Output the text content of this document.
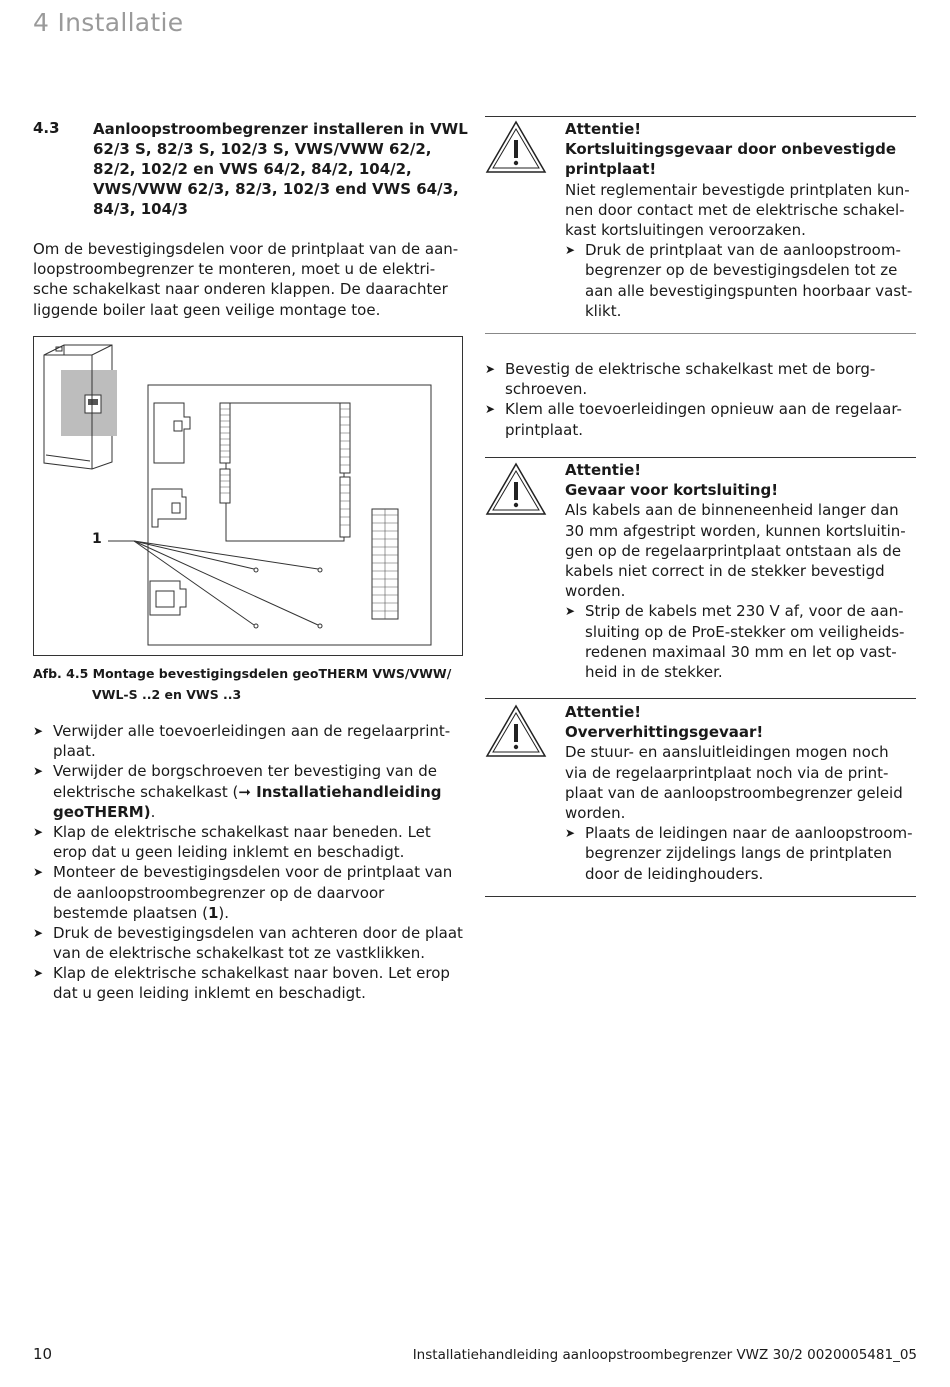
4 Installatie
4.3 Aanloopstroombegrenzer installeren in VWL
62/3 S, 82/3 S, 102/3 S, VWS/VWW 62/2,
82/2, 102/2 en VWS 64/2, 84/2, 104/2,
VWS/VWW 62/3, 82/3, 102/3 end VWS 64/3,
84/3, 104/3
Om de bevestigingsdelen voor de printplaat van de aan-
loopstroombegrenzer te monteren, moet u de elektri-
sche schakelkast naar onderen klappen. De daarachter
liggende boiler laat geen veilige montage toe.
1
Afb. 4.5 Montage bevestigingsdelen geoTHERM VWS/VWW/
VWL-S ..2 en VWS ..3
➤ Verwijder alle toevoerleidingen aan de regelaarprint-
plaat.
➤ Verwijder de borgschroeven ter bevestiging van de
elektrische schakelkast (➞ Installatiehandleiding
geoTHERM).
➤ Klap de elektrische schakelkast naar beneden. Let
erop dat u geen leiding inklemt en beschadigt.
➤ Monteer de bevestigingsdelen voor de printplaat van
de aanloopstroombegrenzer op de daarvoor
bestemde plaatsen (1).
➤ Druk de bevestigingsdelen van achteren door de plaat
van de elektrische schakelkast tot ze vastklikken.
➤ Klap de elektrische schakelkast naar boven. Let erop
dat u geen leiding inklemt en beschadigt.
Attentie!
Kortsluitingsgevaar door onbevestigde
printplaat!
Niet reglementair bevestigde printplaten kun-
nen door contact met de elektrische schakel-
kast kortsluitingen veroorzaken.
➤ Druk de printplaat van de aanloopstroom-
begrenzer op de bevestigingsdelen tot ze
aan alle bevestigingspunten hoorbaar vast-
klikt.
➤ Bevestig de elektrische schakelkast met de borg-
schroeven.
➤ Klem alle toevoerleidingen opnieuw aan de regelaar-
printplaat.
Attentie!
Gevaar voor kortsluiting!
Als kabels aan de binneneenheid langer dan
30 mm afgestript worden, kunnen kortsluitin-
gen op de regelaarprintplaat ontstaan als de
kabels niet correct in de stekker bevestigd
worden.
➤ Strip de kabels met 230 V af, voor de aan-
sluiting op de ProE-stekker om veiligheids-
redenen maximaal 30 mm en let op vast-
heid in de stekker.
Attentie!
Oververhittingsgevaar!
De stuur- en aansluitleidingen mogen noch
via de regelaarprintplaat noch via de print-
plaat van de aanloopstroombegrenzer geleid
worden.
➤ Plaats de leidingen naar de aanloopstroom-
begrenzer zijdelings langs de printplaten
door de leidinghouders.
10	Installatiehandleiding aanloopstroombegrenzer VWZ 30/2 0020005481_05
